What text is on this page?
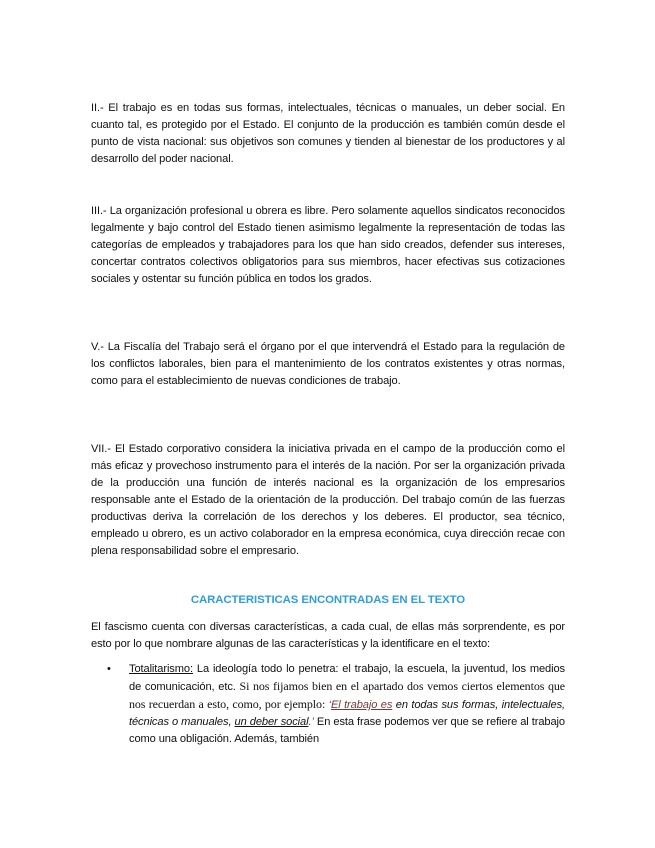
II.- El trabajo es en todas sus formas, intelectuales, técnicas o manuales, un deber social. En cuanto tal, es protegido por el Estado. El conjunto de la producción es también común desde el punto de vista nacional: sus objetivos son comunes y tienden al bienestar de los productores y al desarrollo del poder nacional.

III.- La organización profesional u obrera es libre. Pero solamente aquellos sindicatos reconocidos legalmente y bajo control del Estado tienen asimismo legalmente la representación de todas las categorías de empleados y trabajadores para los que han sido creados, defender sus intereses, concertar contratos colectivos obligatorios para sus miembros, hacer efectivas sus cotizaciones sociales y ostentar su función pública en todos los grados.

V.- La Fiscalía del Trabajo será el órgano por el que intervendrá el Estado para la regulación de los conflictos laborales, bien para el mantenimiento de los contratos existentes y otras normas, como para el establecimiento de nuevas condiciones de trabajo.

VII.- El Estado corporativo considera la iniciativa privada en el campo de la producción como el más eficaz y provechoso instrumento para el interés de la nación. Por ser la organización privada de la producción una función de interés nacional es la organización de los empresarios responsable ante el Estado de la orientación de la producción. Del trabajo común de las fuerzas productivas deriva la correlación de los derechos y los deberes. El productor, sea técnico, empleado u obrero, es un activo colaborador en la empresa económica, cuya dirección recae con plena responsabilidad sobre el empresario.

CARACTERISTICAS ENCONTRADAS EN EL TEXTO

El fascismo cuenta con diversas características, a cada cual, de ellas más sorprendente, es por esto por lo que nombrare algunas de las características y la identificare en el texto:

• Totalitarismo: La ideología todo lo penetra: el trabajo, la escuela, la juventud, los medios de comunicación, etc. Si nos fijamos bien en el apartado dos vemos ciertos elementos que nos recuerdan a esto, como, por ejemplo: ‘El trabajo es en todas sus formas, intelectuales, técnicas o manuales, un deber social.’ En esta frase podemos ver que se refiere al trabajo como una obligación. Además, también
